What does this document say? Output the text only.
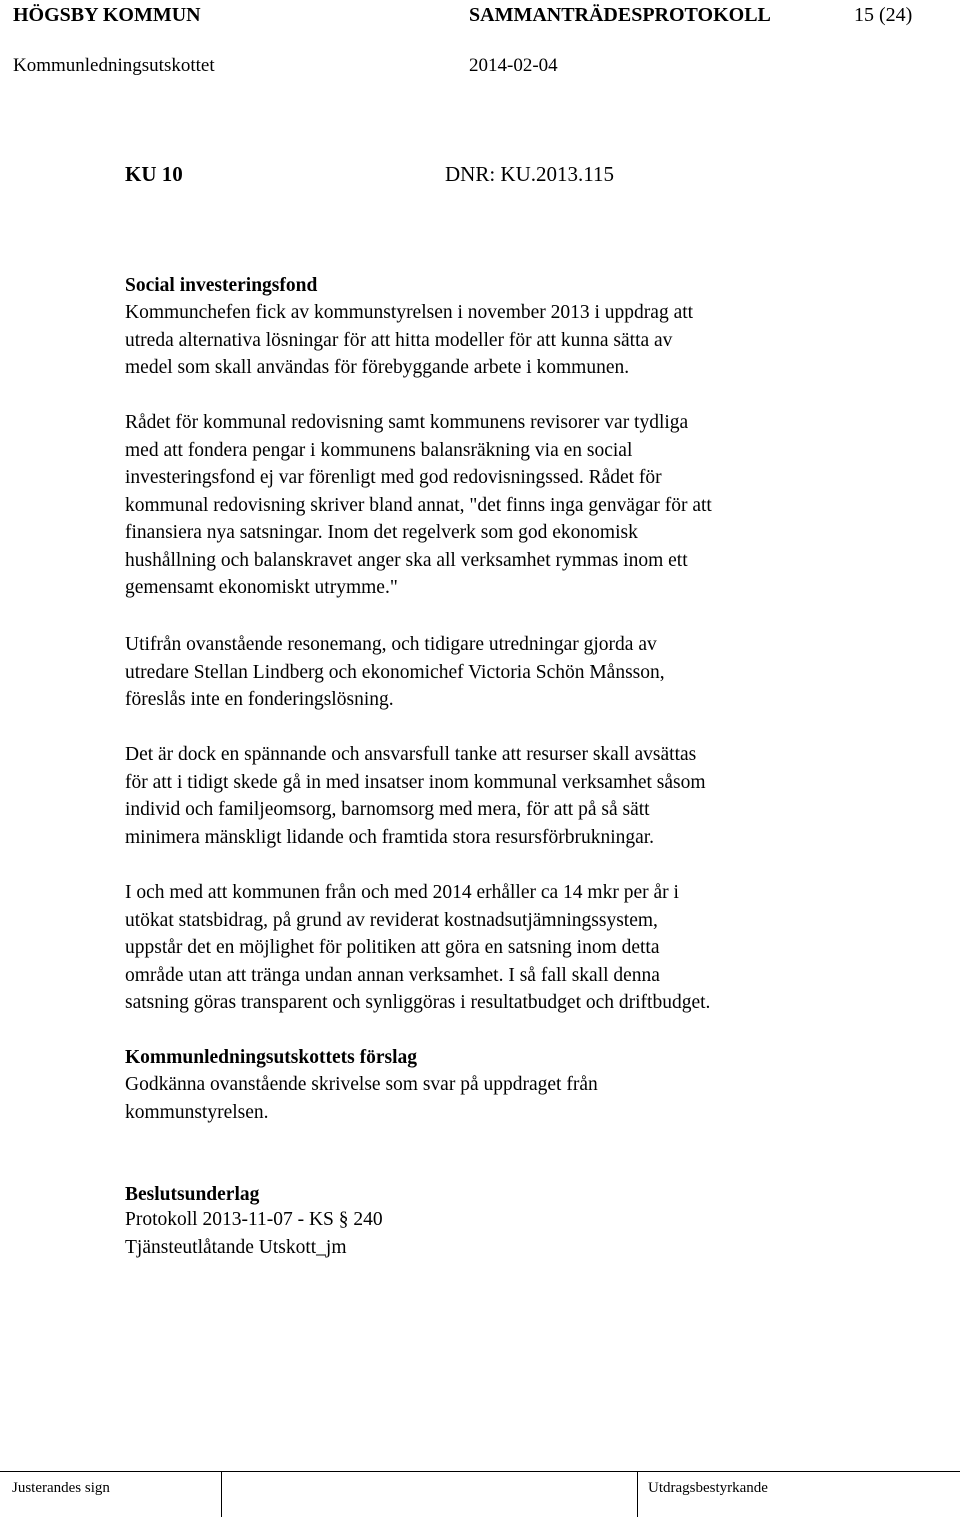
HÖGSBY KOMMUN	SAMMANTRÄDESPROTOKOLL	15 (24)
Kommunledningsutskottet	2014-02-04
KU 10	DNR: KU.2013.115
Social investeringsfond
Kommunchefen fick av kommunstyrelsen i november 2013 i uppdrag att
utreda alternativa lösningar för att hitta modeller för att kunna sätta av
medel som skall användas för förebyggande arbete i kommunen.
Rådet för kommunal redovisning samt kommunens revisorer var tydliga
med att fondera pengar i kommunens balansräkning via en social
investeringsfond ej var förenligt med god redovisningssed. Rådet för
kommunal redovisning skriver bland annat, "det finns inga genvägar för att
finansiera nya satsningar. Inom det regelverk som god ekonomisk
hushållning och balanskravet anger ska all verksamhet rymmas inom ett
gemensamt ekonomiskt utrymme."
Utifrån ovanstående resonemang, och tidigare utredningar gjorda av
utredare Stellan Lindberg och ekonomichef Victoria Schön Månsson,
föreslås inte en fonderingslösning.
Det är dock en spännande och ansvarsfull tanke att resurser skall avsättas
för att i tidigt skede gå in med insatser inom kommunal verksamhet såsom
individ och familjeomsorg, barnomsorg med mera, för att på så sätt
minimera mänskligt lidande och framtida stora resursförbrukningar.
I och med att kommunen från och med 2014 erhåller ca 14 mkr per år i
utökat statsbidrag, på grund av reviderat kostnadsutjämningssystem,
uppstår det en möjlighet för politiken att göra en satsning inom detta
område utan att tränga undan annan verksamhet. I så fall skall denna
satsning göras transparent och synliggöras i resultatbudget och driftbudget.
Kommunledningsutskottets förslag
Godkänna ovanstående skrivelse som svar på uppdraget från
kommunstyrelsen.
Beslutsunderlag
Protokoll 2013-11-07 - KS § 240
Tjänsteutlåtande Utskott_jm
Justerandes sign	Utdragsbestyrkande
